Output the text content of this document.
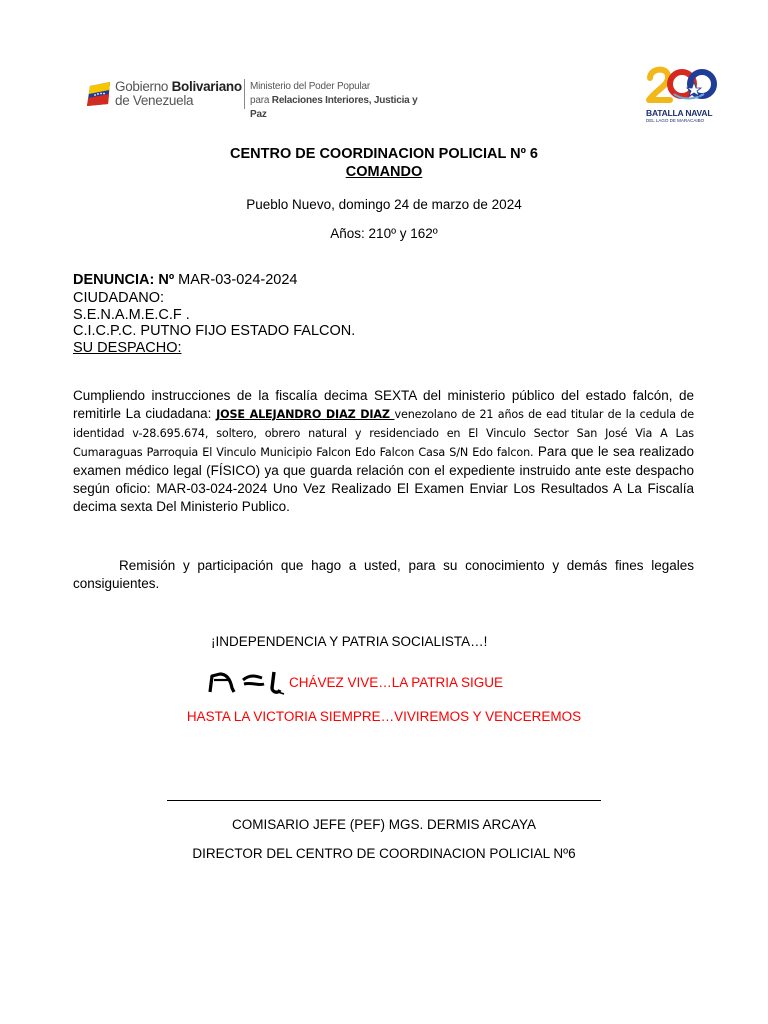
Gobierno Bolivariano
de Venezuela
Ministerio del Poder Popular
para Relaciones Interiores, Justicia y Paz	BATALLA NAVAL
DEL LAGO DE MARACAIBO
CENTRO DE COORDINACION POLICIAL Nº 6
COMANDO
Pueblo Nuevo, domingo 24 de marzo de 2024
Años: 210º y 162º
DENUNCIA: Nº MAR-03-024-2024
CIUDADANO:
S.E.N.A.M.E.C.F .
C.I.C.P.C. PUTNO FIJO ESTADO FALCON.
SU DESPACHO:
Cumpliendo instrucciones de la fiscalía decima SEXTA del ministerio público del estado falcón, de remitirle La ciudadana: JOSE ALEJANDRO DIAZ DIAZ venezolano de 21 años de ead titular de la cedula de identidad v-28.695.674, soltero, obrero natural y residenciado en El Vinculo Sector San José Via A Las Cumaraguas Parroquia El Vinculo Municipio Falcon Edo Falcon Casa S/N Edo falcon. Para que le sea realizado examen médico legal (FÍSICO) ya que guarda relación con el expediente instruido ante este despacho según oficio: MAR-03-024-2024 Uno Vez Realizado El Examen Enviar Los Resultados A La Fiscalía decima sexta Del Ministerio Publico.
Remisión y participación que hago a usted, para su conocimiento y demás fines legales consiguientes.
¡INDEPENDENCIA Y PATRIA SOCIALISTA…!
CHÁVEZ VIVE…LA PATRIA SIGUE
HASTA LA VICTORIA SIEMPRE…VIVIREMOS Y VENCEREMOS
COMISARIO JEFE (PEF) MGS. DERMIS ARCAYA
DIRECTOR DEL CENTRO DE COORDINACION POLICIAL Nº6
